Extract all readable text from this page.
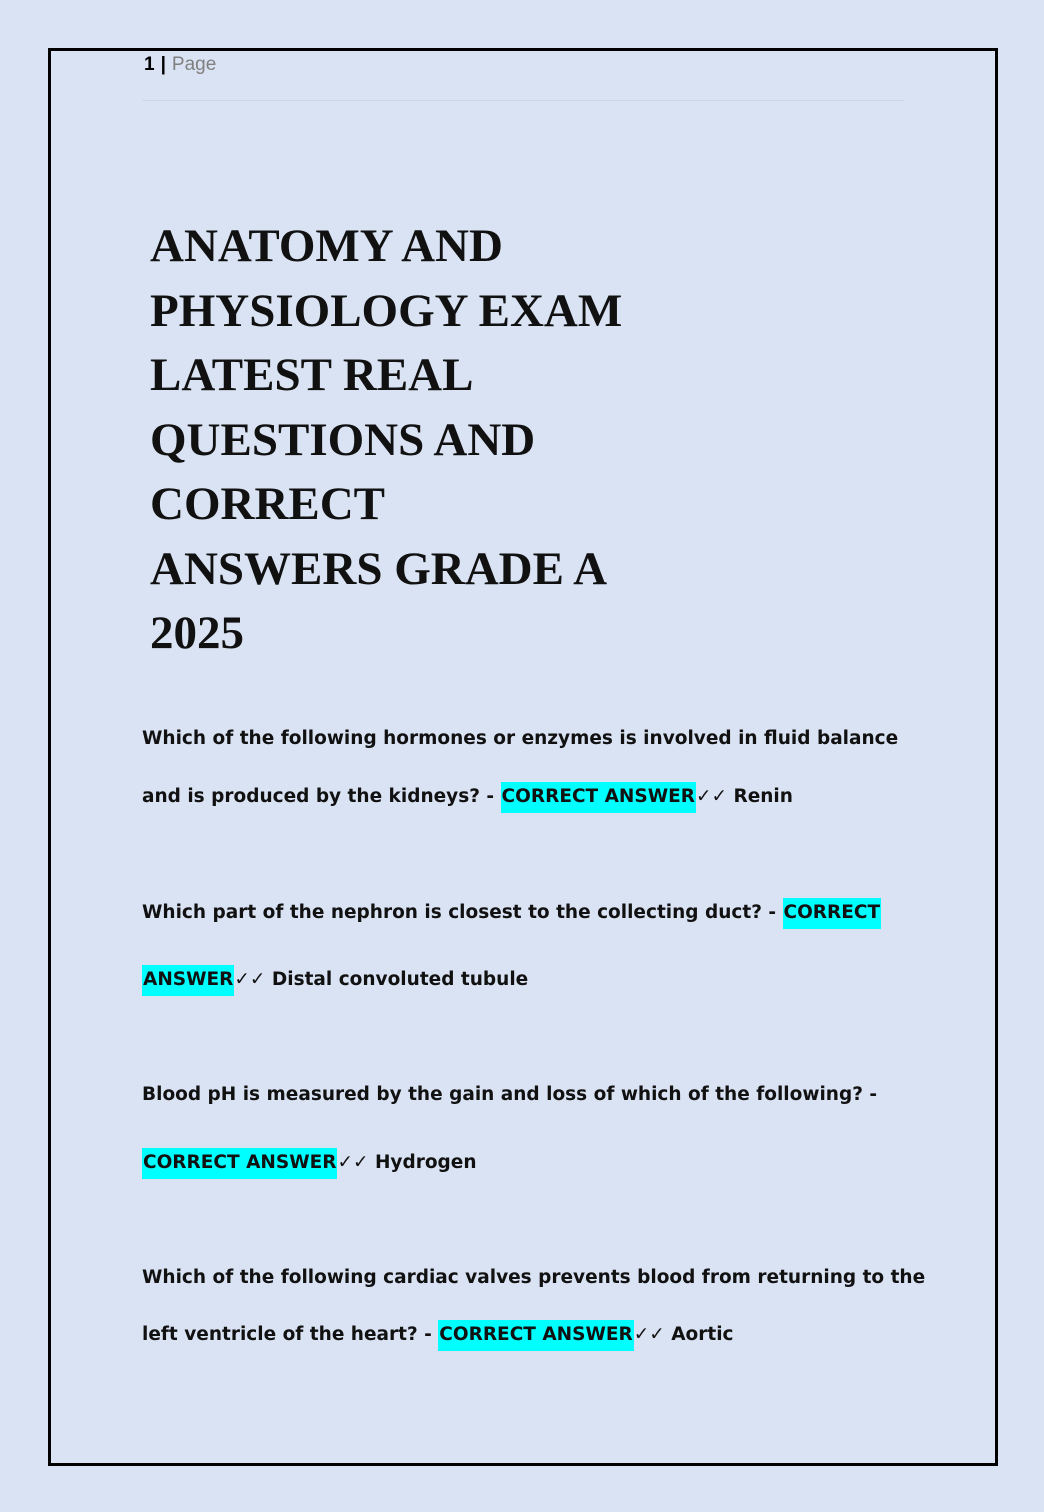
1 | Page
ANATOMY AND
PHYSIOLOGY EXAM
LATEST REAL
QUESTIONS AND
CORRECT
ANSWERS GRADE A
2025
Which of the following hormones or enzymes is involved in fluid balance
and is produced by the kidneys? - CORRECT ANSWER✓✓ Renin
Which part of the nephron is closest to the collecting duct? - CORRECT
ANSWER✓✓ Distal convoluted tubule
Blood pH is measured by the gain and loss of which of the following? -
CORRECT ANSWER✓✓ Hydrogen
Which of the following cardiac valves prevents blood from returning to the
left ventricle of the heart? - CORRECT ANSWER✓✓ Aortic
